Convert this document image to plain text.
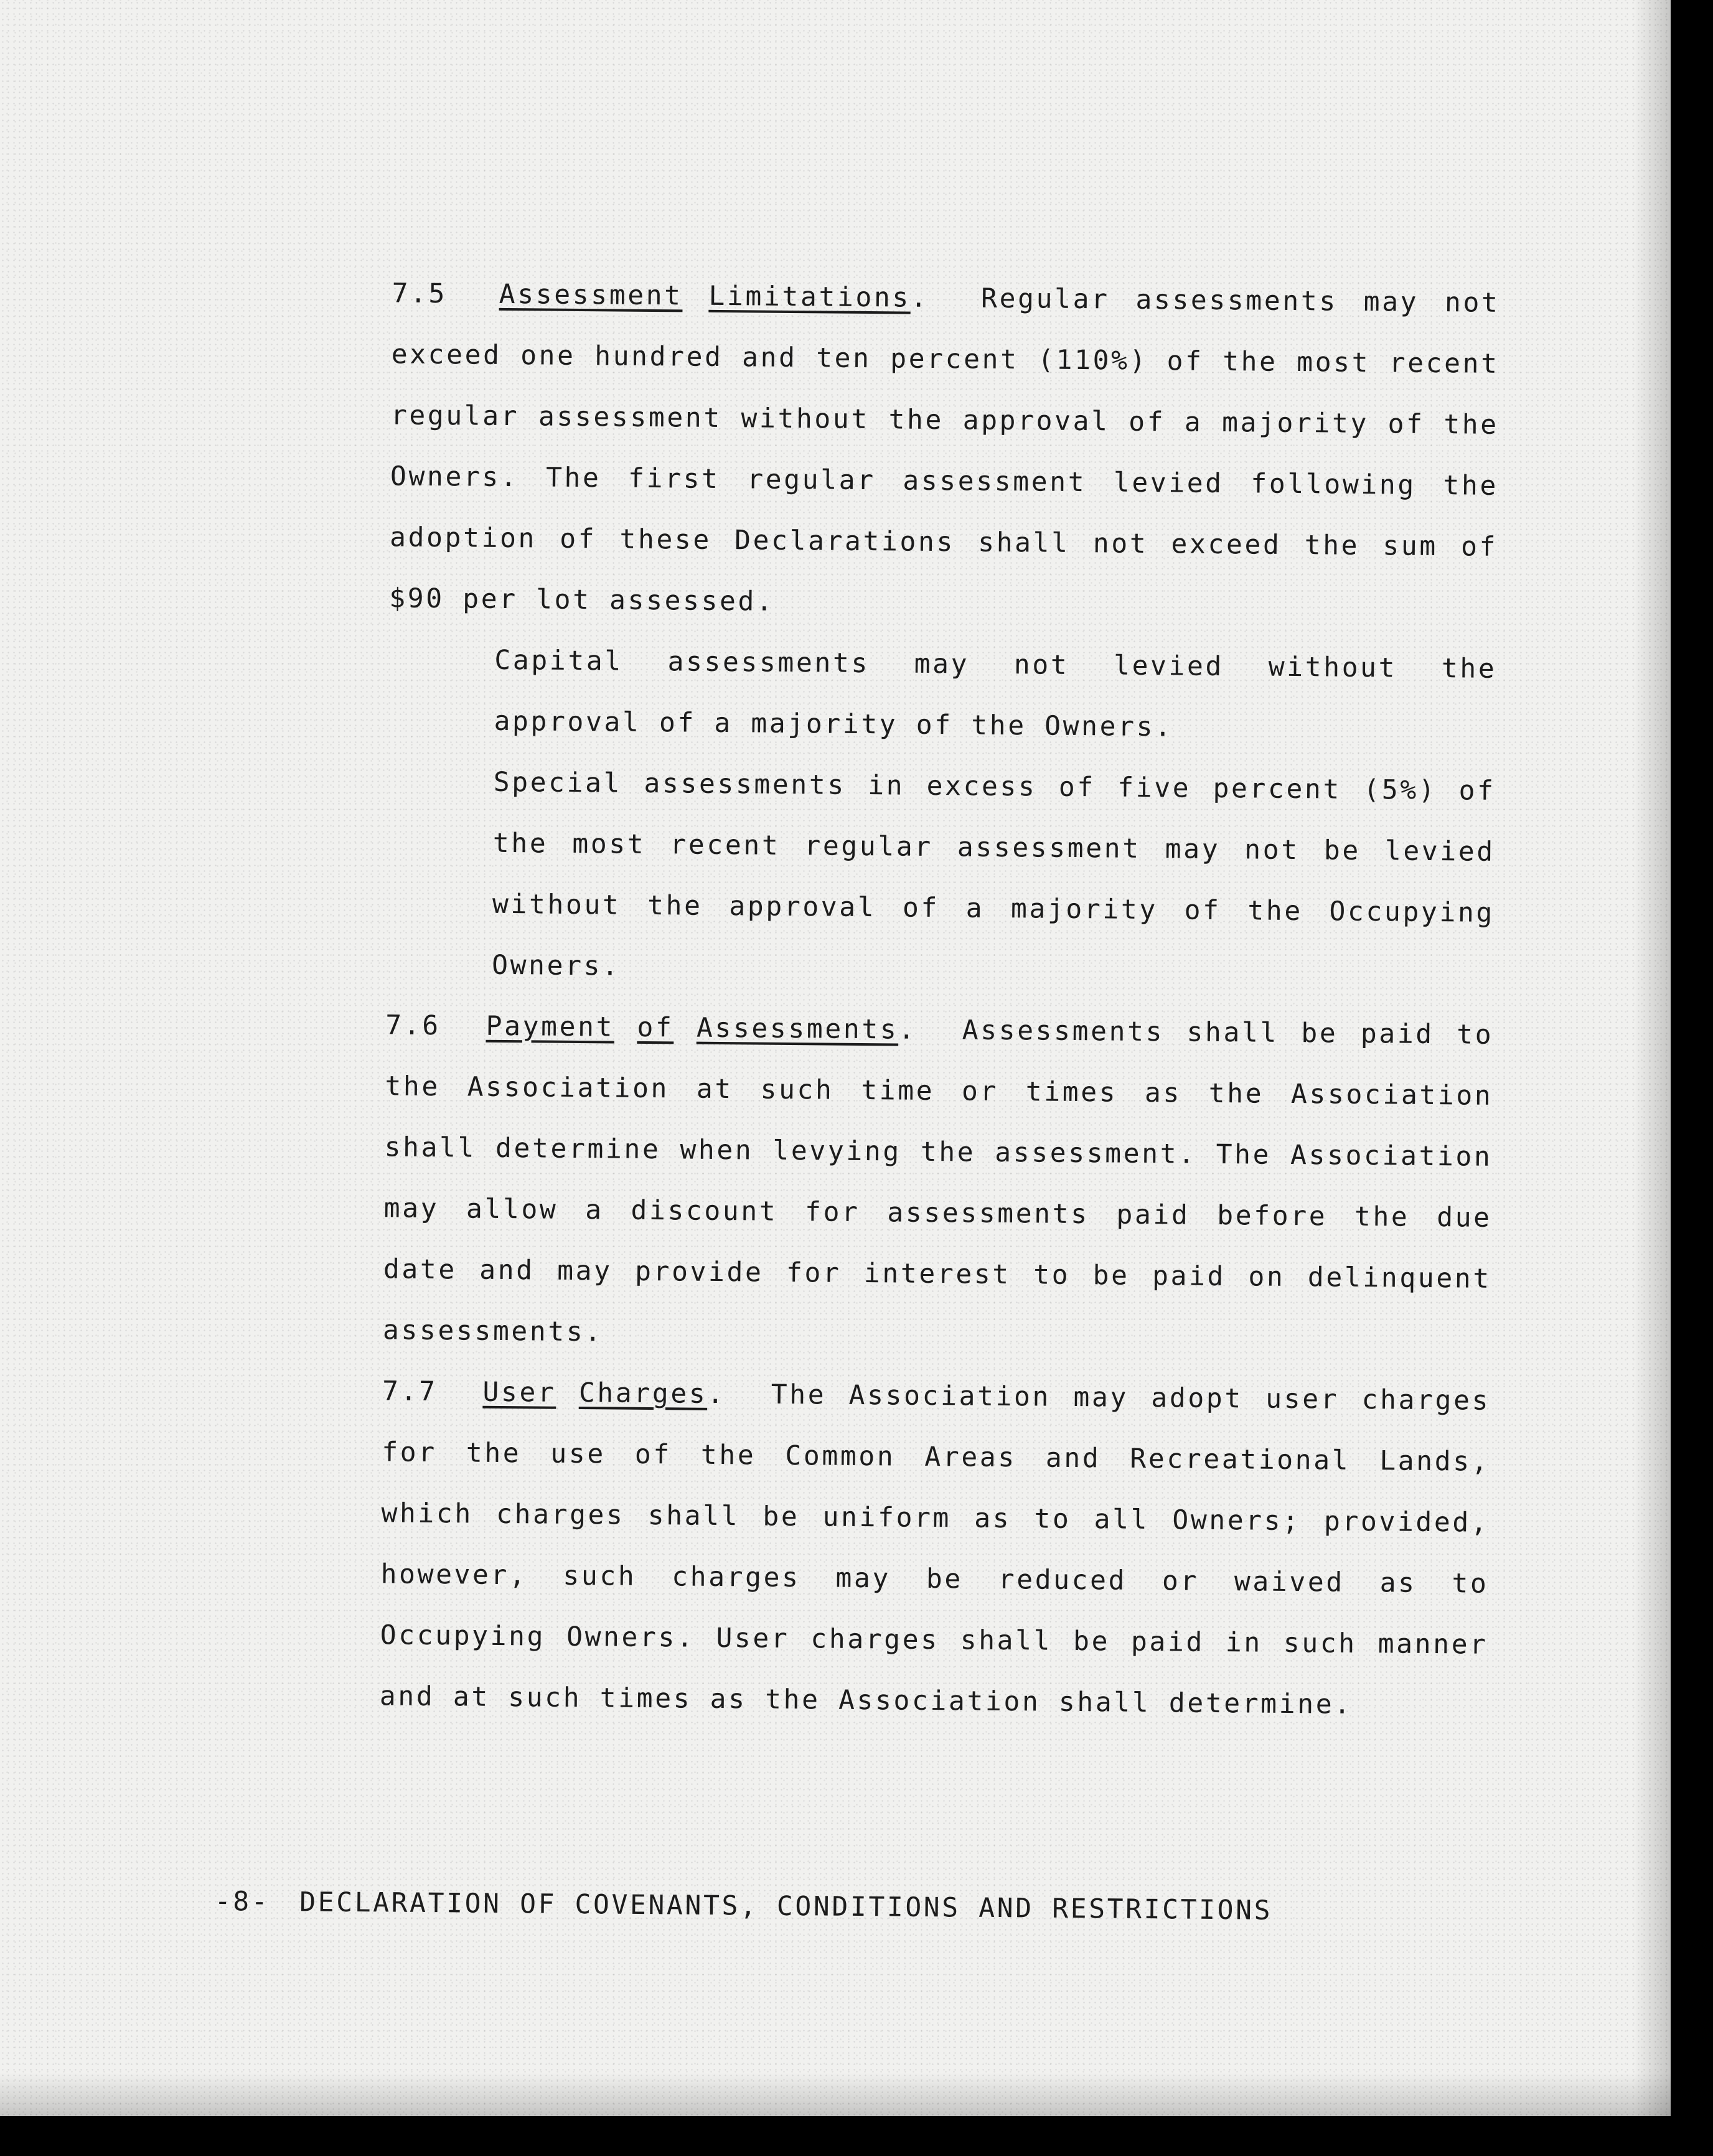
7.5 Assessment Limitations. Regular assessments may not exceed one hundred and ten percent (110%) of the most recent regular assessment without the approval of a majority of the Owners. The first regular assessment levied following the adoption of these Declarations shall not exceed the sum of $90 per lot assessed.

Capital assessments may not levied without the approval of a majority of the Owners.

Special assessments in excess of five percent (5%) of the most recent regular assessment may not be levied without the approval of a majority of the Occupying Owners.

7.6 Payment of Assessments. Assessments shall be paid to the Association at such time or times as the Association shall determine when levying the assessment. The Association may allow a discount for assessments paid before the due date and may provide for interest to be paid on delinquent assessments.

7.7 User Charges. The Association may adopt user charges for the use of the Common Areas and Recreational Lands, which charges shall be uniform as to all Owners; provided, however, such charges may be reduced or waived as to Occupying Owners. User charges shall be paid in such manner and at such times as the Association shall determine.

-8- DECLARATION OF COVENANTS, CONDITIONS AND RESTRICTIONS
